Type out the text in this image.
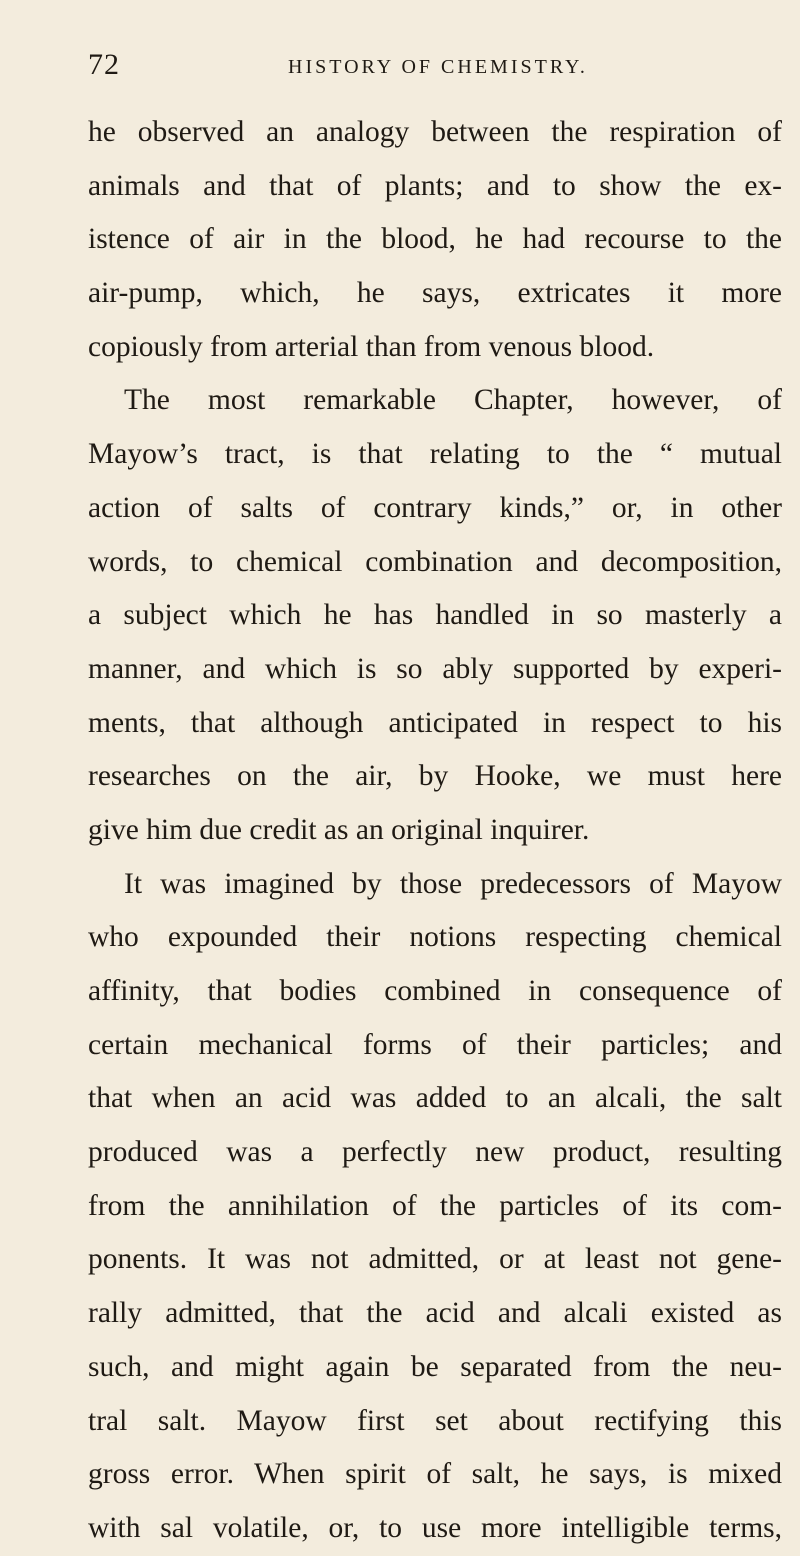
72	HISTORY OF CHEMISTRY.
he observed an analogy between the respiration of
animals and that of plants; and to show the ex-
istence of air in the blood, he had recourse to the
air-pump, which, he says, extricates it more
copiously from arterial than from venous blood.
The most remarkable Chapter, however, of
Mayow’s tract, is that relating to the “ mutual
action of salts of contrary kinds,” or, in other
words, to chemical combination and decomposition,
a subject which he has handled in so masterly a
manner, and which is so ably supported by experi-
ments, that although anticipated in respect to his
researches on the air, by Hooke, we must here
give him due credit as an original inquirer.
It was imagined by those predecessors of Mayow
who expounded their notions respecting chemical
affinity, that bodies combined in consequence of
certain mechanical forms of their particles; and
that when an acid was added to an alcali, the salt
produced was a perfectly new product, resulting
from the annihilation of the particles of its com-
ponents. It was not admitted, or at least not gene-
rally admitted, that the acid and alcali existed as
such, and might again be separated from the neu-
tral salt. Mayow first set about rectifying this
gross error. When spirit of salt, he says, is mixed
with sal volatile, or, to use more intelligible terms,
